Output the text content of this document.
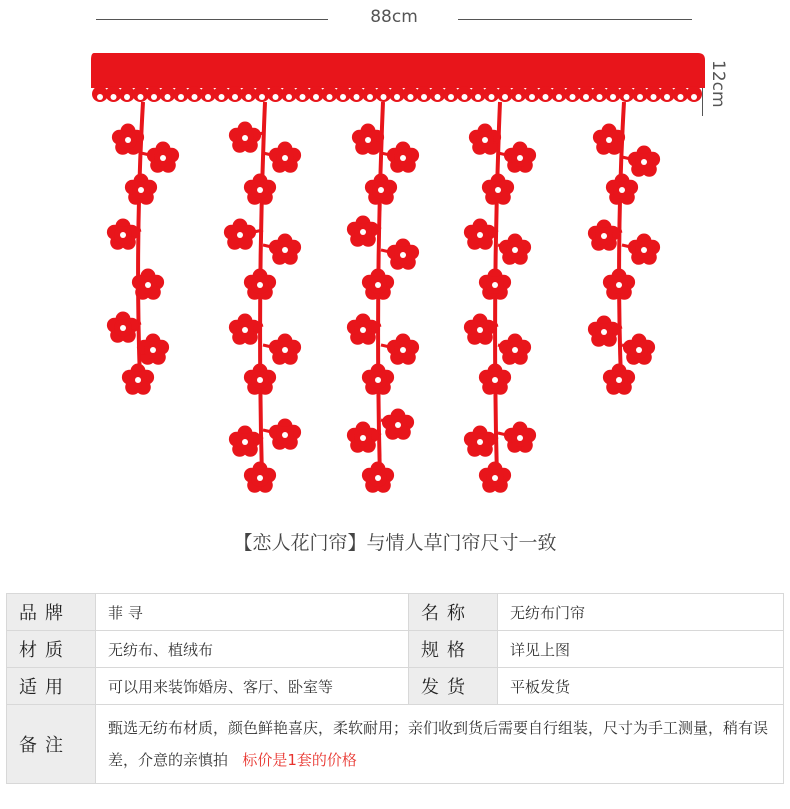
88cm
12cm
【恋人花门帘】与情人草门帘尺寸一致
品牌	菲 寻	名称	无纺布门帘
材质	无纺布、植绒布	规格	详见上图
适用	可以用来装饰婚房、客厅、卧室等	发货	平板发货
备注	甄选无纺布材质，颜色鲜艳喜庆，柔软耐用；亲们收到货后需要自行组装，尺寸为手工测量，稍有误差，介意的亲慎拍 标价是1套的价格		
